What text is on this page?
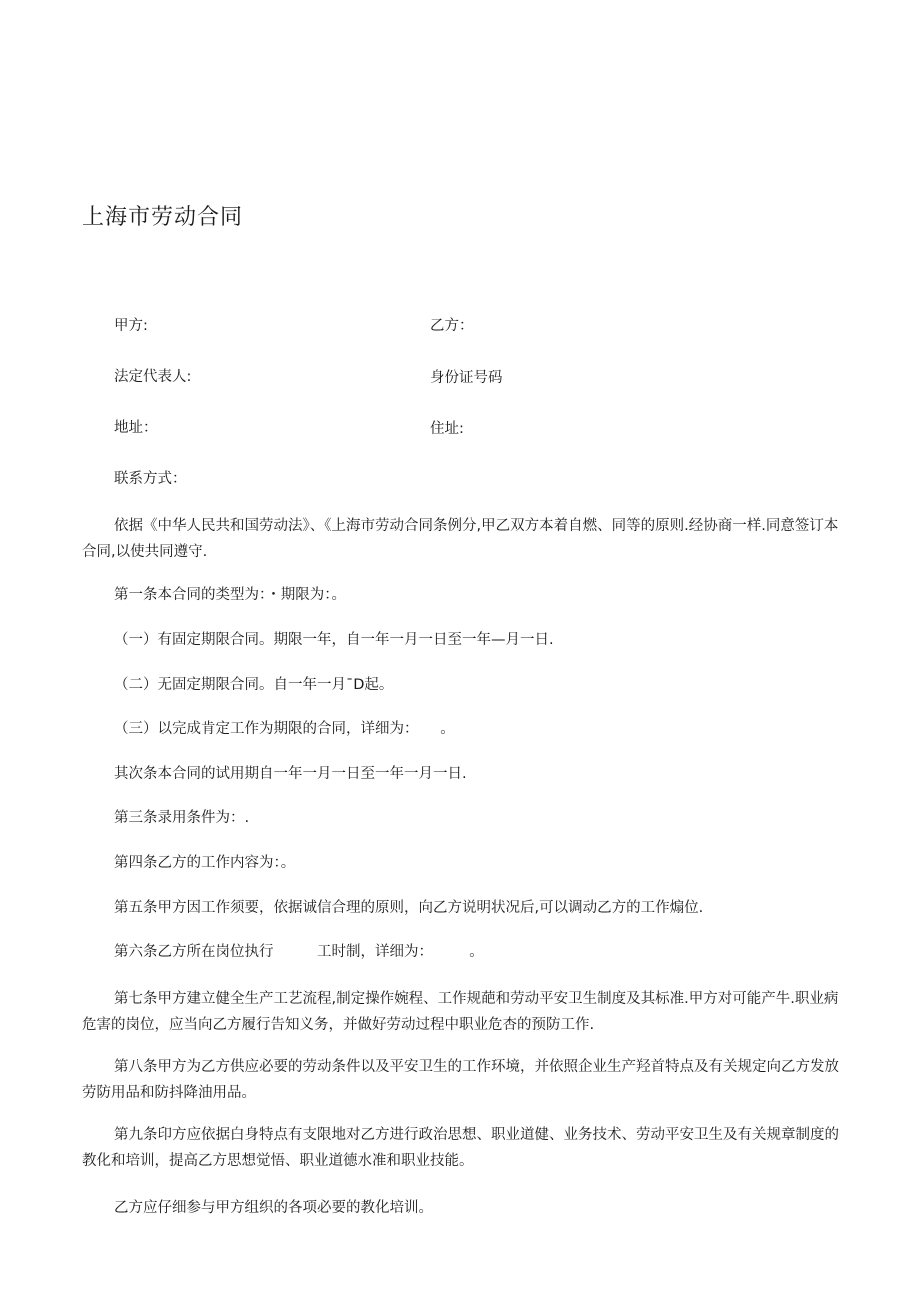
上海市劳动合同

甲方:	乙方：

法定代表人:	身份证号码

地址：	住址:

联系方式：

依据《中华人民共和国劳动法》、《上海市劳动合同条例分,甲乙双方本着自燃、同等的原则.经协商一样.同意签订本合同,以使共同遵守.

第一条本合同的类型为：・期限为：。

（一）有固定期限合同。期限一年，自一年一月一日至一年—月一日.

（二）无固定期限合同。自一年一月¯D起。

（三）以完成肯定工作为期限的合同，详细为：　　。

其次条本合同的试用期自一年一月一日至一年一月一日.

第三条录用条件为：.

第四条乙方的工作内容为：。

第五条甲方因工作须要，依据诚信合理的原则，向乙方说明状况后,可以调动乙方的工作煽位.

第六条乙方所在岗位执行　　　工时制，详细为：　　　。

第七条甲方建立健全生产工艺流程,制定操作婉程、工作规葩和劳动平安卫生制度及其标准.甲方对可能产牛.职业病危害的岗位，应当向乙方履行告知义务，并做好劳动过程中职业危杏的预防工作.

第八条甲方为乙方供应必要的劳动条件以及平安卫生的工作环境，并依照企业生产羟首特点及有关规定向乙方发放劳防用品和防抖降油用品。

第九条印方应依据白身特点有支限地对乙方进行政治思想、职业道健、业务技术、劳动平安卫生及有关规章制度的教化和培训，提高乙方思想觉悟、职业道德水准和职业技能。

乙方应仔细参与甲方组织的各项必要的教化培训。
